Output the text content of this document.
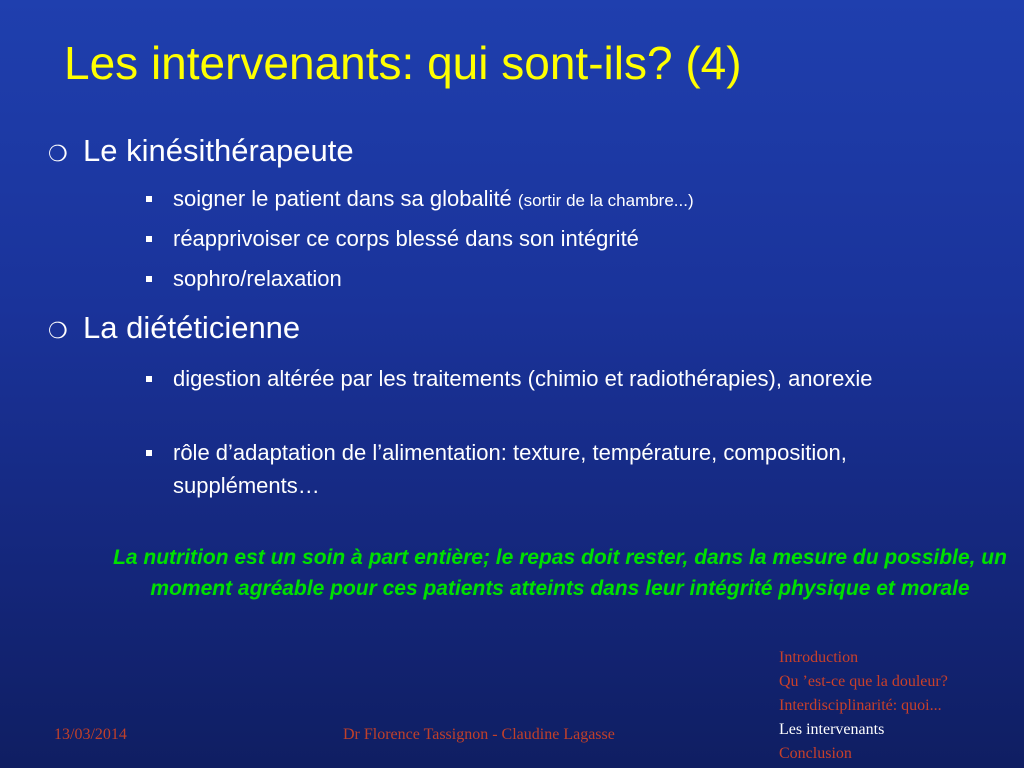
Les intervenants: qui sont-ils? (4)
❍ Le kinésithérapeute
soigner le patient dans sa globalité (sortir de la chambre...)
réapprivoiser ce corps blessé dans son intégrité
sophro/relaxation
❍ La diététicienne
digestion altérée par les traitements (chimio et radiothérapies), anorexie
rôle d’adaptation de l’alimentation: texture, température, composition, suppléments…
La nutrition est un soin à part entière; le repas doit rester, dans la mesure du possible, un moment agréable pour ces patients atteints dans leur intégrité physique et morale
13/03/2014	Dr Florence Tassignon - Claudine Lagasse
Introduction
Qu ’est-ce que la douleur?
Interdisciplinarité: quoi...
Les intervenants
Conclusion
